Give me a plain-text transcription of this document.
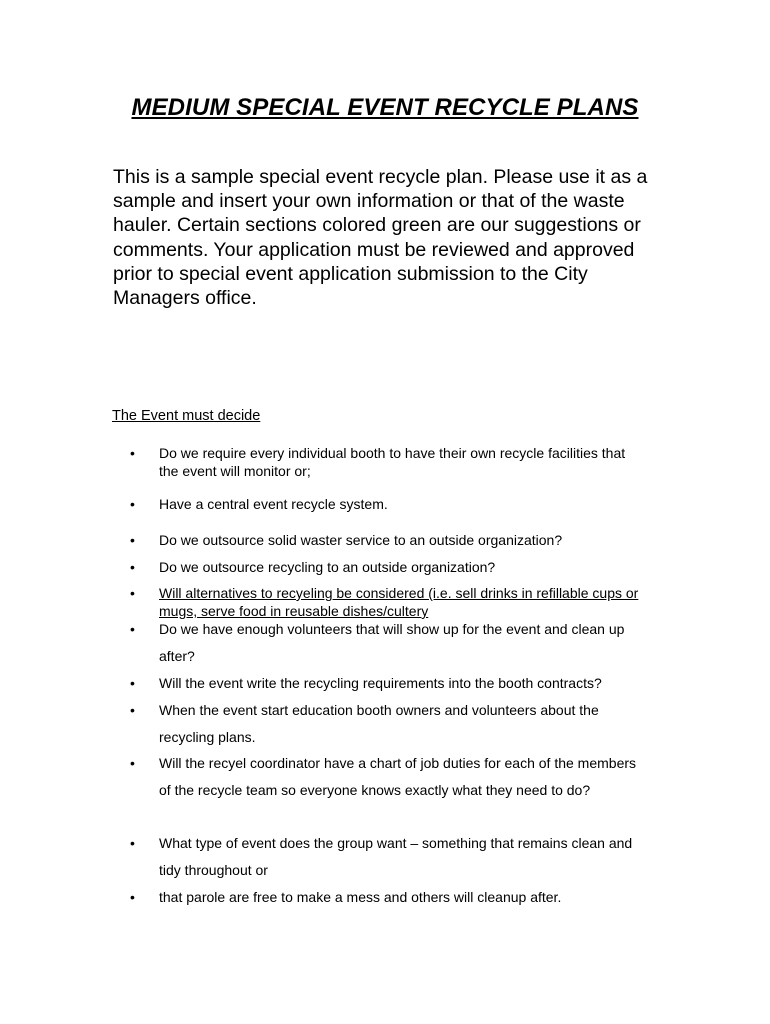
MEDIUM SPECIAL EVENT RECYCLE PLANS

This is a sample special event recycle plan. Please use it as a sample and insert your own information or that of the waste hauler. Certain sections colored green are our suggestions or comments. Your application must be reviewed and approved prior to special event application submission to the City Managers office.

The Event must decide

• Do we require every individual booth to have their own recycle facilities that the event will monitor or;
• Have a central event recycle system.
• Do we outsource solid waster service to an outside organization?
• Do we outsource recycling to an outside organization?
• Will alternatives to recyeling be considered (i.e. sell drinks in refillable cups or mugs, serve food in reusable dishes/cultery
• Do we have enough volunteers that will show up for the event and clean up after?
• Will the event write the recycling requirements into the booth contracts?
• When the event start education booth owners and volunteers about the recycling plans.
• Will the recyel coordinator have a chart of job duties for each of the members of the recycle team so everyone knows exactly what they need to do?
• What type of event does the group want – something that remains clean and tidy throughout or
• that parole are free to make a mess and others will cleanup after.
